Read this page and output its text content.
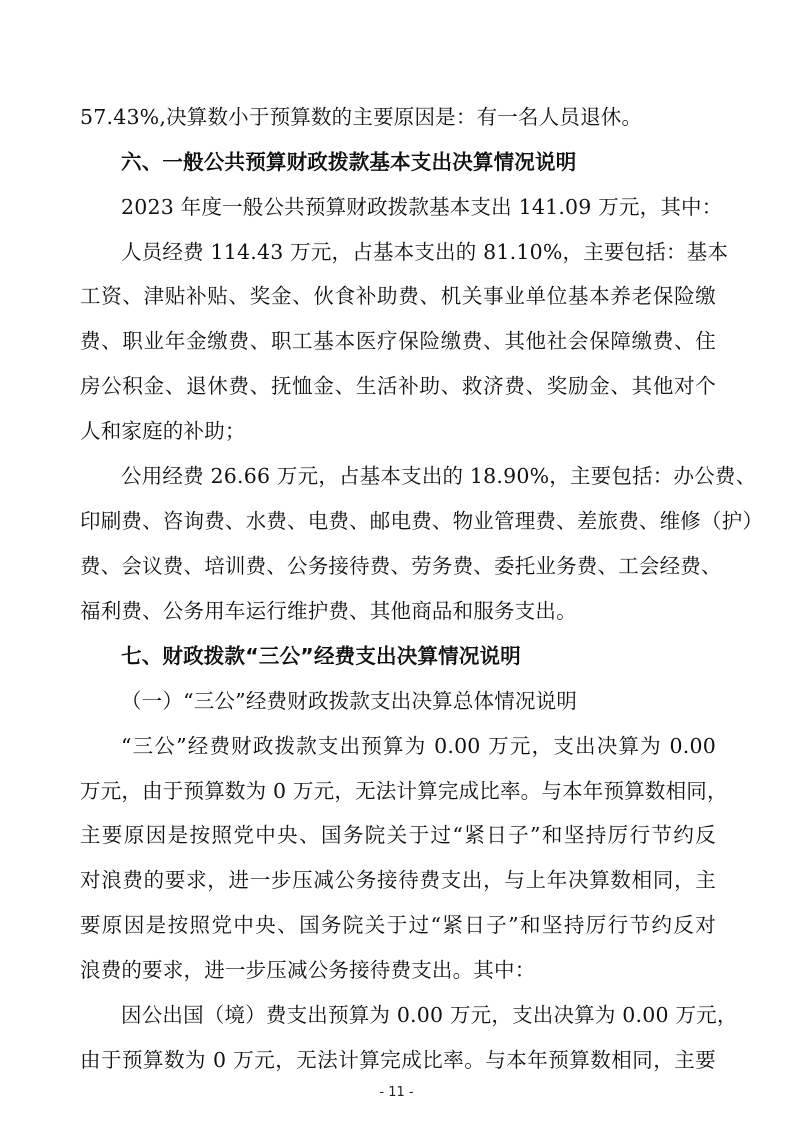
57.43%,决算数小于预算数的主要原因是：有一名人员退休。
六、一般公共预算财政拨款基本支出决算情况说明
2023 年度一般公共预算财政拨款基本支出 141.09 万元，其中：
人员经费 114.43 万元，占基本支出的 81.10%，主要包括：基本
工资、津贴补贴、奖金、伙食补助费、机关事业单位基本养老保险缴
费、职业年金缴费、职工基本医疗保险缴费、其他社会保障缴费、住
房公积金、退休费、抚恤金、生活补助、救济费、奖励金、其他对个
人和家庭的补助；
公用经费 26.66 万元，占基本支出的 18.90%，主要包括：办公费、
印刷费、咨询费、水费、电费、邮电费、物业管理费、差旅费、维修（护）
费、会议费、培训费、公务接待费、劳务费、委托业务费、工会经费、
福利费、公务用车运行维护费、其他商品和服务支出。
七、财政拨款“三公”经费支出决算情况说明
（一）“三公”经费财政拨款支出决算总体情况说明
“三公”经费财政拨款支出预算为 0.00 万元，支出决算为 0.00
万元，由于预算数为 0 万元，无法计算完成比率。与本年预算数相同，
主要原因是按照党中央、国务院关于过“紧日子”和坚持厉行节约反
对浪费的要求，进一步压减公务接待费支出，与上年决算数相同，主
要原因是按照党中央、国务院关于过“紧日子”和坚持厉行节约反对
浪费的要求，进一步压减公务接待费支出。其中：
因公出国（境）费支出预算为 0.00 万元，支出决算为 0.00 万元，
由于预算数为 0 万元，无法计算完成比率。与本年预算数相同，主要
- 11 -
